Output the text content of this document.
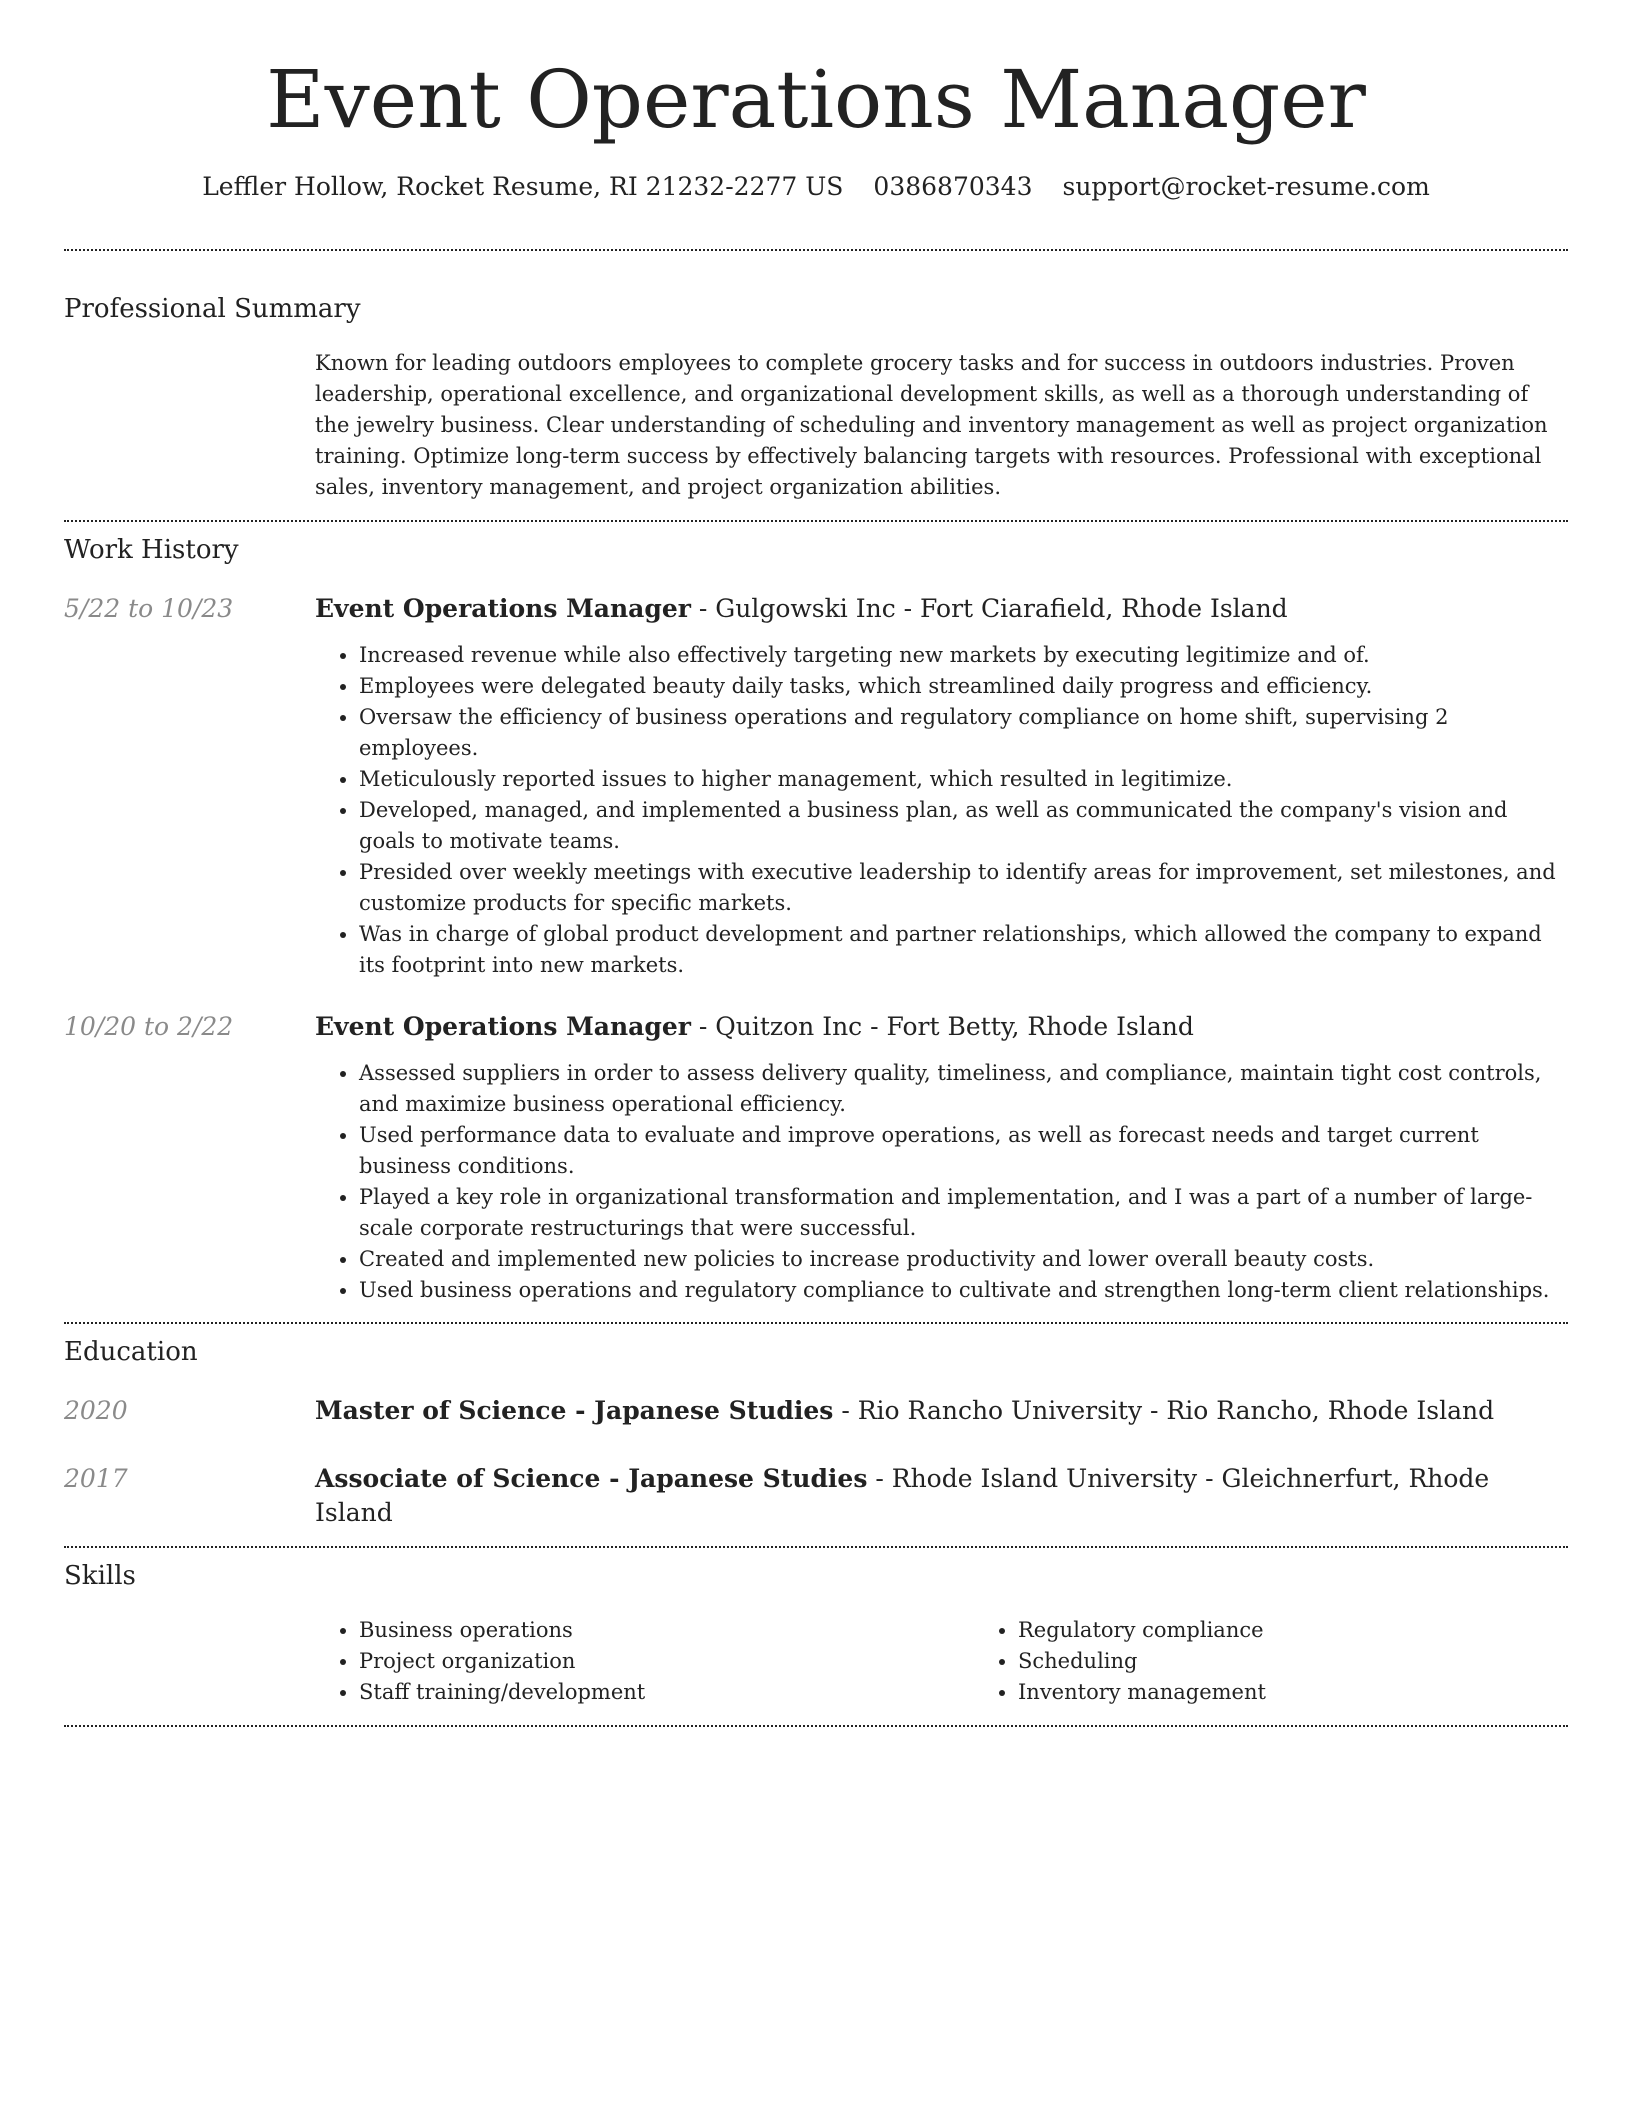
Event Operations Manager
Leffler Hollow, Rocket Resume, RI 21232-2277 US 0386870343 support@rocket-resume.com
Professional Summary
Known for leading outdoors employees to complete grocery tasks and for success in outdoors industries. Proven leadership, operational excellence, and organizational development skills, as well as a thorough understanding of the jewelry business. Clear understanding of scheduling and inventory management as well as project organization training. Optimize long-term success by effectively balancing targets with resources. Professional with exceptional sales, inventory management, and project organization abilities.
Work History
5/22 to 10/23	Event Operations Manager - Gulgowski Inc - Fort Ciarafield, Rhode Island
• Increased revenue while also effectively targeting new markets by executing legitimize and of.
• Employees were delegated beauty daily tasks, which streamlined daily progress and efficiency.
• Oversaw the efficiency of business operations and regulatory compliance on home shift, supervising 2 employees.
• Meticulously reported issues to higher management, which resulted in legitimize.
• Developed, managed, and implemented a business plan, as well as communicated the company's vision and goals to motivate teams.
• Presided over weekly meetings with executive leadership to identify areas for improvement, set milestones, and customize products for specific markets.
• Was in charge of global product development and partner relationships, which allowed the company to expand its footprint into new markets.
10/20 to 2/22	Event Operations Manager - Quitzon Inc - Fort Betty, Rhode Island
• Assessed suppliers in order to assess delivery quality, timeliness, and compliance, maintain tight cost controls, and maximize business operational efficiency.
• Used performance data to evaluate and improve operations, as well as forecast needs and target current business conditions.
• Played a key role in organizational transformation and implementation, and I was a part of a number of large-scale corporate restructurings that were successful.
• Created and implemented new policies to increase productivity and lower overall beauty costs.
• Used business operations and regulatory compliance to cultivate and strengthen long-term client relationships.
Education
2020	Master of Science - Japanese Studies - Rio Rancho University - Rio Rancho, Rhode Island
2017	Associate of Science - Japanese Studies - Rhode Island University - Gleichnerfurt, Rhode Island
Skills
• Business operations
• Project organization
• Staff training/development
• Regulatory compliance
• Scheduling
• Inventory management
